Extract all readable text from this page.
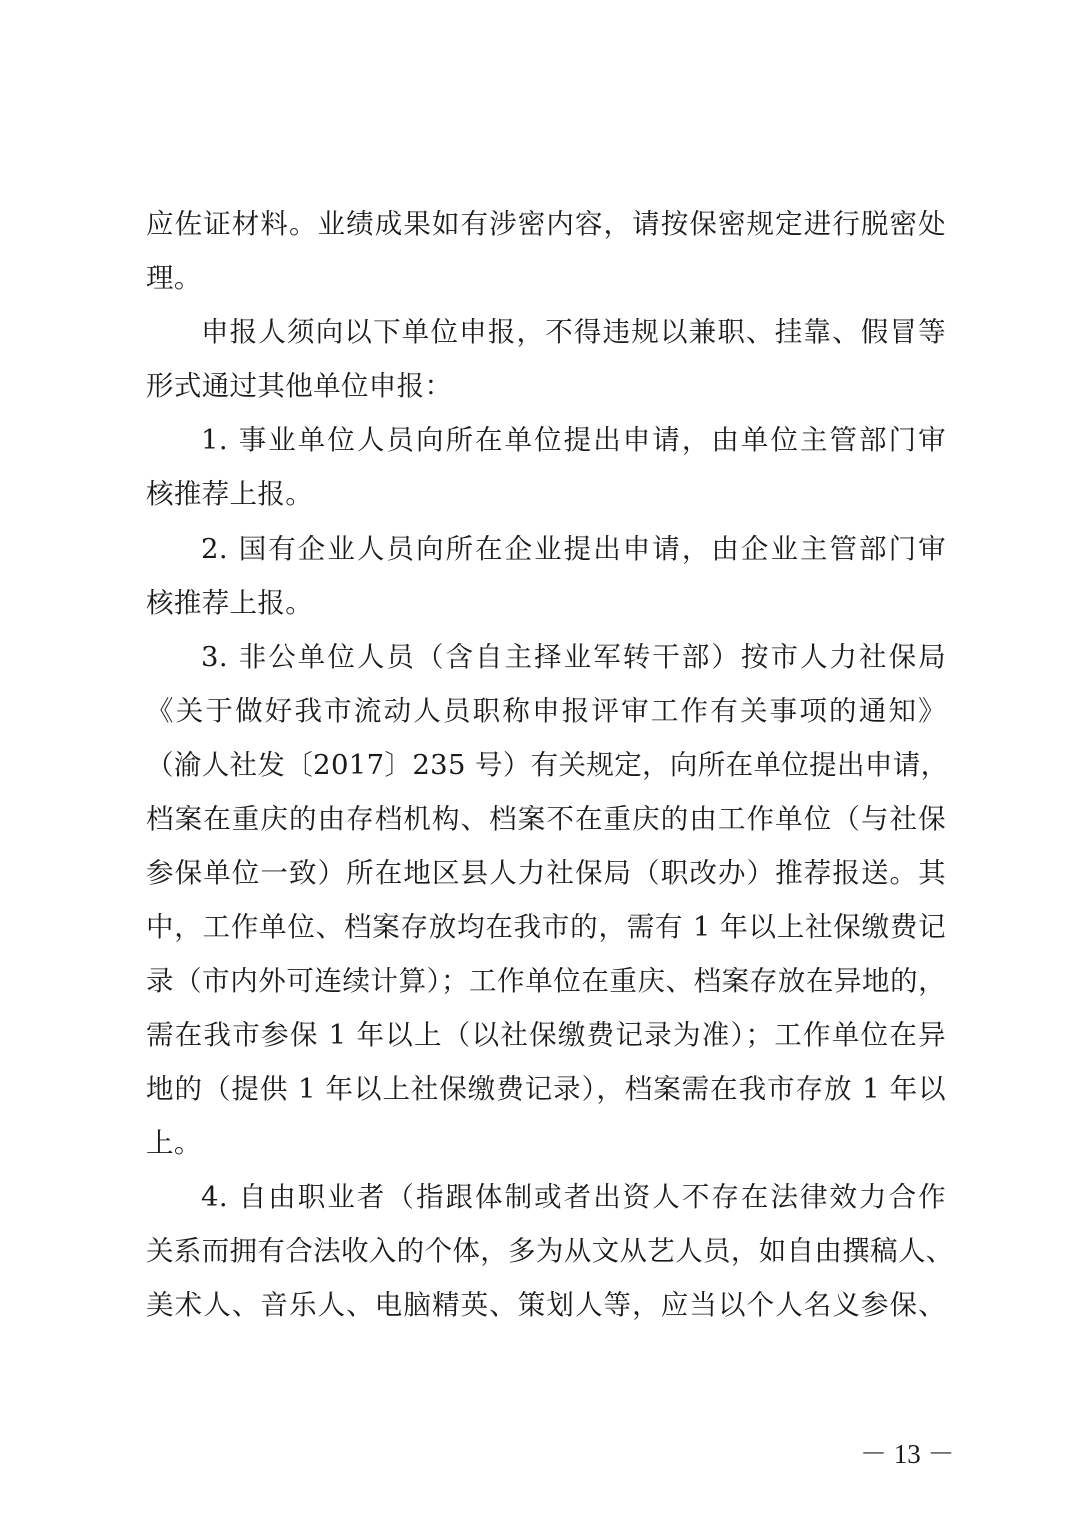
应佐证材料。业绩成果如有涉密内容，请按保密规定进行脱密处
理。
申报人须向以下单位申报，不得违规以兼职、挂靠、假冒等
形式通过其他单位申报：
1. 事业单位人员向所在单位提出申请，由单位主管部门审
核推荐上报。
2. 国有企业人员向所在企业提出申请，由企业主管部门审
核推荐上报。
3. 非公单位人员（含自主择业军转干部）按市人力社保局
《关于做好我市流动人员职称申报评审工作有关事项的通知》
（渝人社发〔2017〕235 号）有关规定，向所在单位提出申请，
档案在重庆的由存档机构、档案不在重庆的由工作单位（与社保
参保单位一致）所在地区县人力社保局（职改办）推荐报送。其
中，工作单位、档案存放均在我市的，需有 1 年以上社保缴费记
录（市内外可连续计算）；工作单位在重庆、档案存放在异地的，
需在我市参保 1 年以上（以社保缴费记录为准）；工作单位在异
地的（提供 1 年以上社保缴费记录），档案需在我市存放 1 年以
上。
4. 自由职业者（指跟体制或者出资人不存在法律效力合作
关系而拥有合法收入的个体，多为从文从艺人员，如自由撰稿人、
美术人、音乐人、电脑精英、策划人等，应当以个人名义参保、
－ 13 －
